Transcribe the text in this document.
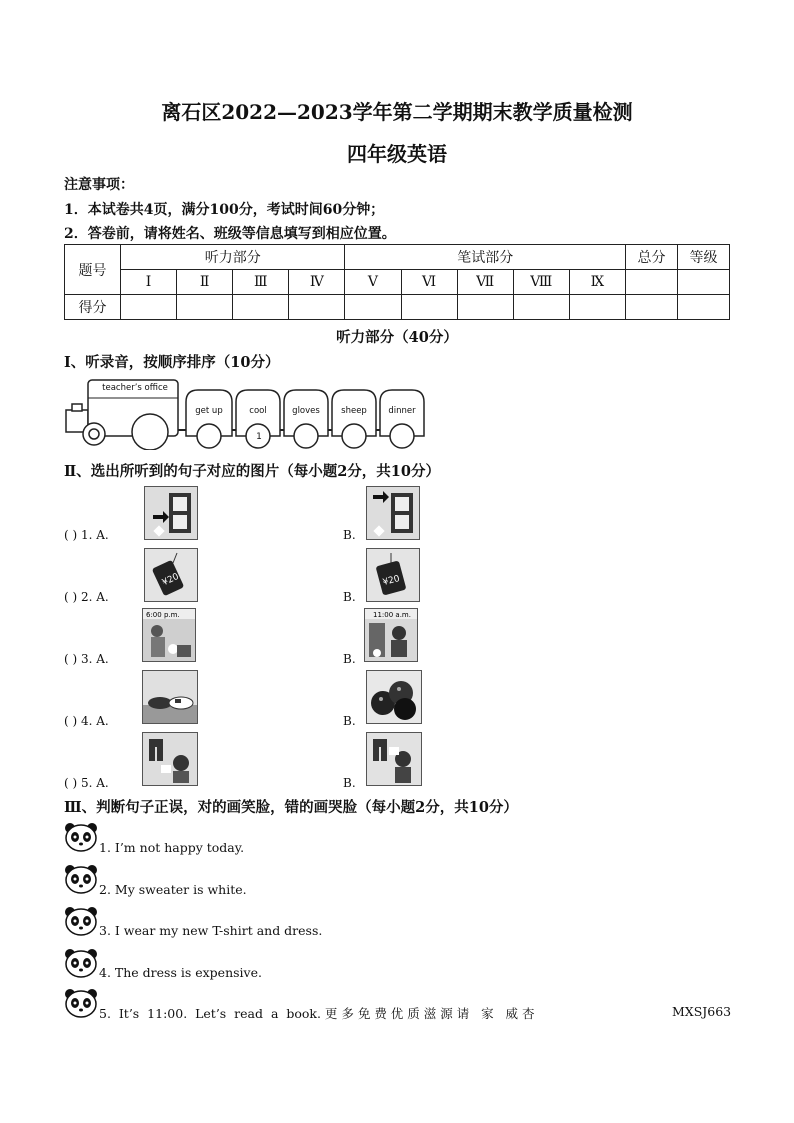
离石区2022—2023学年第二学期期末教学质量检测
四年级英语
注意事项：
1．本试卷共4页，满分100分，考试时间60分钟；
2．答卷前，请将姓名、班级等信息填写到相应位置。
题号	听力部分				笔试部分					总分	等级
	Ⅰ	Ⅱ	Ⅲ	Ⅳ	Ⅴ	Ⅵ	Ⅶ	Ⅷ	Ⅸ		
得分											
听力部分（40分）
Ⅰ、听录音，按顺序排序（10分）
teacher’s office
get up	cool	gloves	sheep	dinner
1
Ⅱ、选出所听到的句子对应的图片（每小题2分，共10分）
( ) 1. A.	B.
( ) 2. A.
¥20
B.
¥20
( ) 3. A.
6:00 p.m.
B.
11:00 a.m.
( ) 4. A.	B.
( ) 5. A.	B.
Ⅲ、判断句子正误，对的画笑脸，错的画哭脸（每小题2分，共10分）
1. I’m not happy today.
2. My sweater is white.
3. I wear my new T-shirt and dress.
4. The dress is expensive.
5.  It’s  11:00.  Let’s  read  a  book. 更 多 免 费 优 质 滋 源 请   家   威 杏	MXSJ663
